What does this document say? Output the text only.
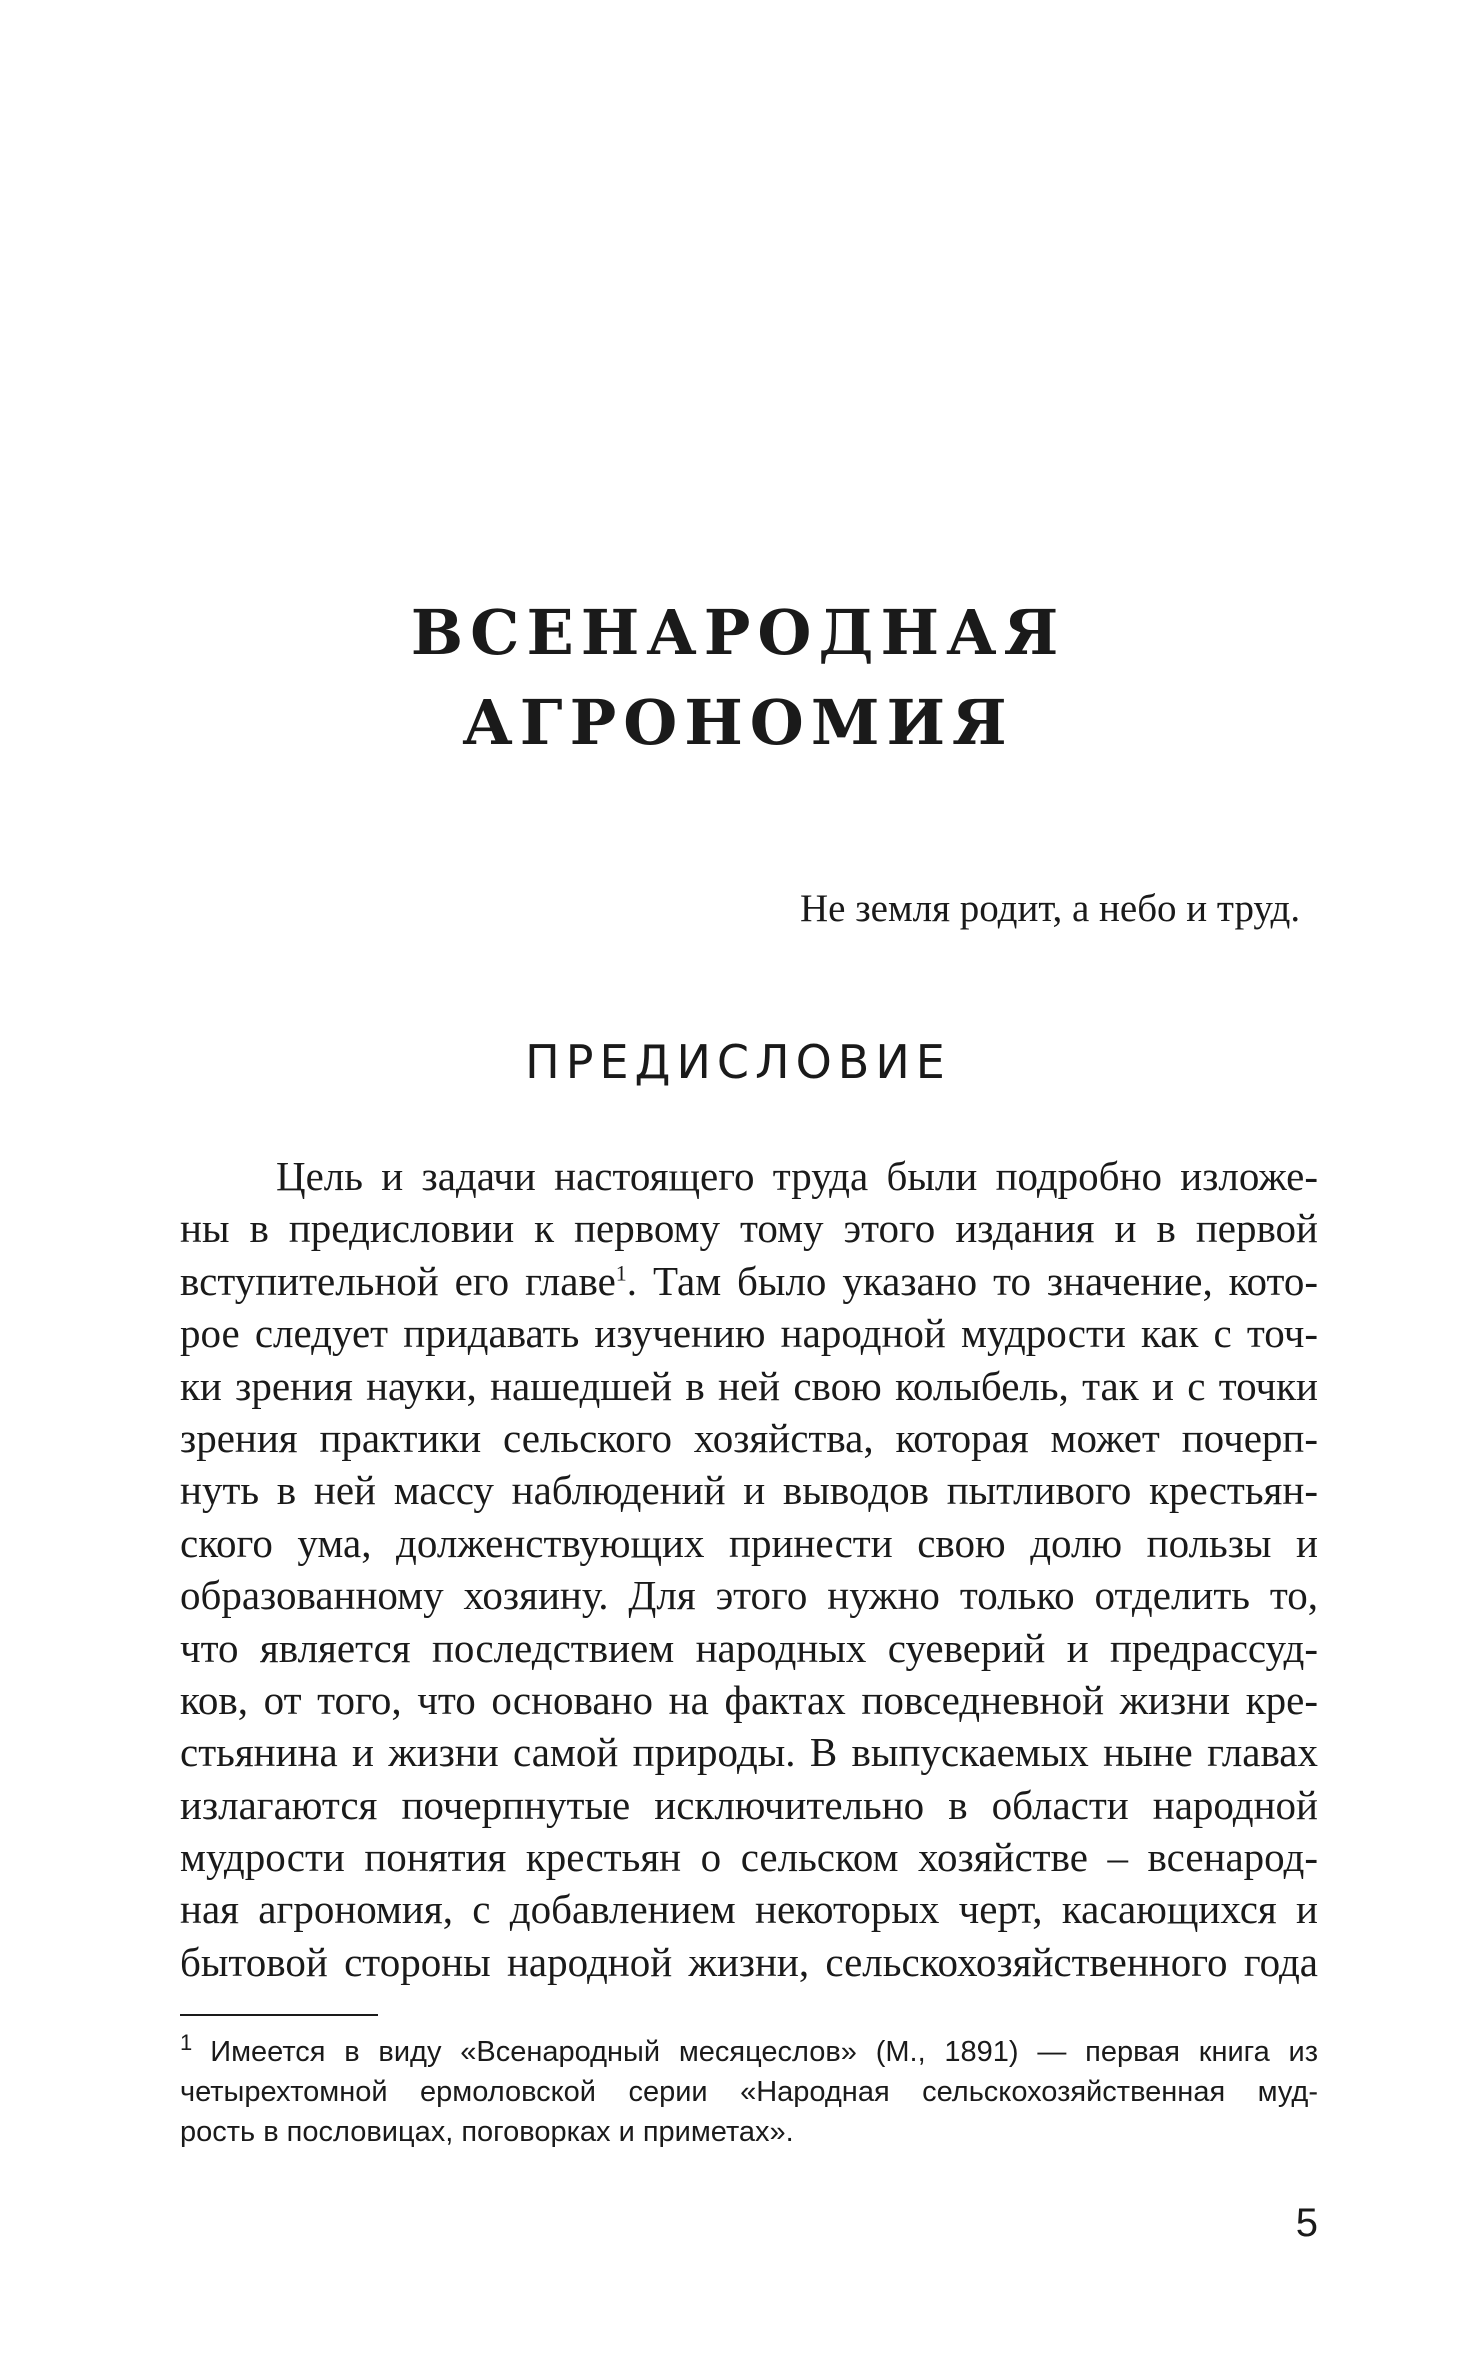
ВСЕНАРОДНАЯ
АГРОНОМИЯ
Не земля родит, а небо и труд.
ПРЕДИСЛОВИЕ
Цель и задачи настоящего труда были подробно изложе-
ны в предисловии к первому тому этого издания и в первой
вступительной его главе$^1$. Там было указано то значение, кото-
рое следует придавать изучению народной мудрости как с точ-
ки зрения науки, нашедшей в ней свою колыбель, так и с точки
зрения практики сельского хозяйства, которая может почерп-
нуть в ней массу наблюдений и выводов пытливого крестьян-
ского ума, долженствующих принести свою долю пользы и
образованному хозяину. Для этого нужно только отделить то,
что является последствием народных суеверий и предрассуд-
ков, от того, что основано на фактах повседневной жизни кре-
стьянина и жизни самой природы. В выпускаемых ныне главах
излагаются почерпнутые исключительно в области народной
мудрости понятия крестьян о сельском хозяйстве – всенарод-
ная агрономия, с добавлением некоторых черт, касающихся и
бытовой стороны народной жизни, сельскохозяйственного года
$^1$ Имеется в виду «Всенародный месяцеслов» (М., 1891) — первая книга из
четырехтомной ермоловской серии «Народная сельскохозяйственная муд-
рость в пословицах, поговорках и приметах».
5
